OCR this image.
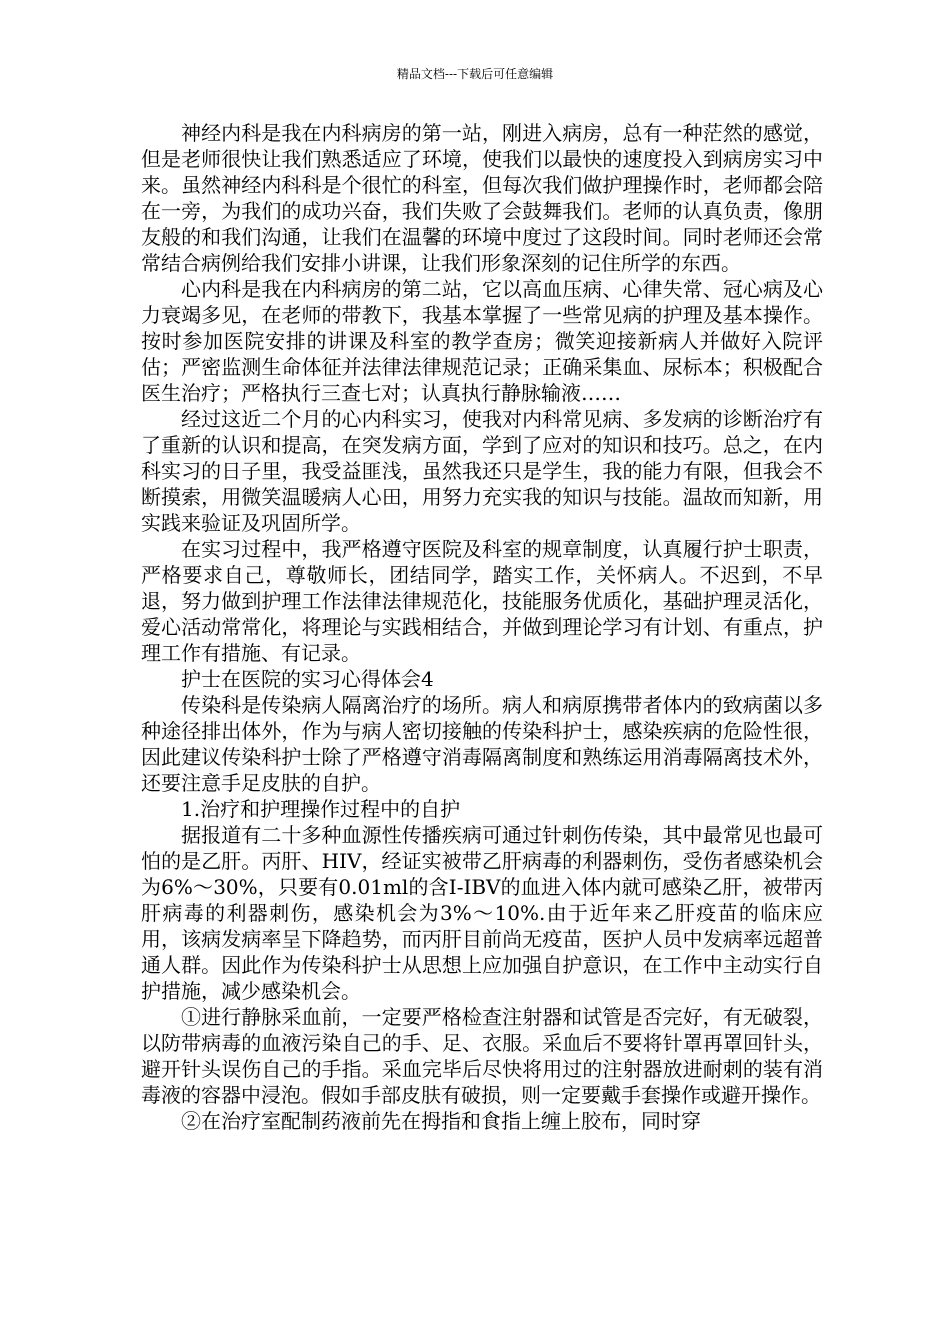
精品文档---下载后可任意编辑

神经内科是我在内科病房的第一站，刚进入病房，总有一种茫然的感觉，但是老师很快让我们熟悉适应了环境，使我们以最快的速度投入到病房实习中来。虽然神经内科科是个很忙的科室，但每次我们做护理操作时，老师都会陪在一旁，为我们的成功兴奋，我们失败了会鼓舞我们。老师的认真负责，像朋友般的和我们沟通，让我们在温馨的环境中度过了这段时间。同时老师还会常常结合病例给我们安排小讲课，让我们形象深刻的记住所学的东西。

心内科是我在内科病房的第二站，它以高血压病、心律失常、冠心病及心力衰竭多见，在老师的带教下，我基本掌握了一些常见病的护理及基本操作。按时参加医院安排的讲课及科室的教学查房；微笑迎接新病人并做好入院评估；严密监测生命体征并法律法律规范记录；正确采集血、尿标本；积极配合医生治疗；严格执行三查七对；认真执行静脉输液……

经过这近二个月的心内科实习，使我对内科常见病、多发病的诊断治疗有了重新的认识和提高，在突发病方面，学到了应对的知识和技巧。总之，在内科实习的日子里，我受益匪浅，虽然我还只是学生，我的能力有限，但我会不断摸索，用微笑温暖病人心田，用努力充实我的知识与技能。温故而知新，用实践来验证及巩固所学。

在实习过程中，我严格遵守医院及科室的规章制度，认真履行护士职责，严格要求自己，尊敬师长，团结同学，踏实工作，关怀病人。不迟到，不早退，努力做到护理工作法律法律规范化，技能服务优质化，基础护理灵活化，爱心活动常常化，将理论与实践相结合，并做到理论学习有计划、有重点，护理工作有措施、有记录。

护士在医院的实习心得体会4

传染科是传染病人隔离治疗的场所。病人和病原携带者体内的致病菌以多种途径排出体外，作为与病人密切接触的传染科护士，感染疾病的危险性很，因此建议传染科护士除了严格遵守消毒隔离制度和熟练运用消毒隔离技术外，还要注意手足皮肤的自护。

1.治疗和护理操作过程中的自护

据报道有二十多种血源性传播疾病可通过针刺伤传染，其中最常见也最可怕的是乙肝。丙肝、HIV，经证实被带乙肝病毒的利器刺伤，受伤者感染机会为6%～30%，只要有0.01ml的含I-IBV的血进入体内就可感染乙肝，被带丙肝病毒的利器刺伤，感染机会为3%～10%.由于近年来乙肝疫苗的临床应用，该病发病率呈下降趋势，而丙肝目前尚无疫苗，医护人员中发病率远超普通人群。因此作为传染科护士从思想上应加强自护意识，在工作中主动实行自护措施，减少感染机会。

①进行静脉采血前，一定要严格检查注射器和试管是否完好，有无破裂，以防带病毒的血液污染自己的手、足、衣服。采血后不要将针罩再罩回针头，避开针头误伤自己的手指。采血完毕后尽快将用过的注射器放进耐刺的装有消毒液的容器中浸泡。假如手部皮肤有破损，则一定要戴手套操作或避开操作。

②在治疗室配制药液前先在拇指和食指上缠上胶布，同时穿
